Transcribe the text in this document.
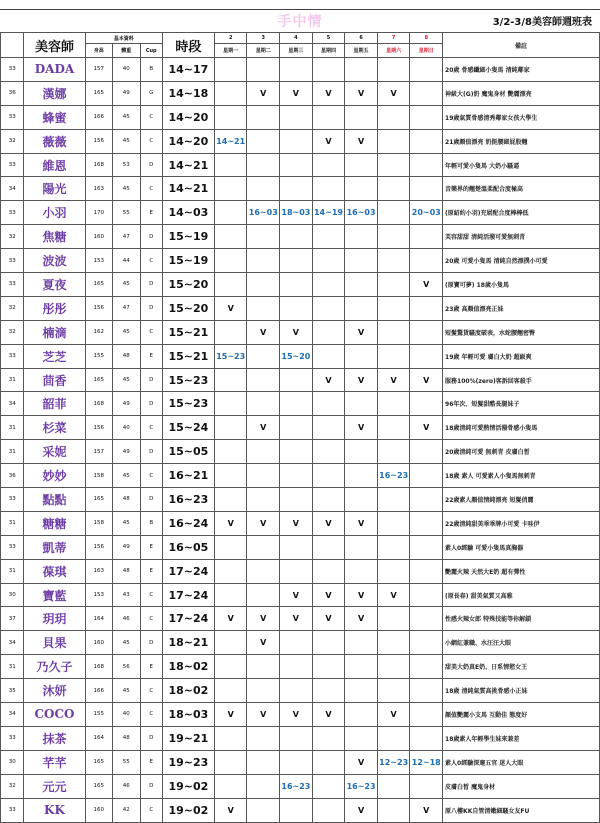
手中情	3/2-3/8美容師週班表
	美容師	基本資料			時段	2	3	4	5	6	7	8	備註
		身高	體重	Cup		星期一	星期二	星期三	星期四	星期五	星期六	星期日	
33	DADA	157	40	B	14~17								20歲 骨感纖細小隻馬 清純鄰家
36	漢娜	165	49	G	14~18		V	V	V	V	V		神級大(G)奶 魔鬼身材 艷麗漂亮
33	蜂蜜	166	45	C	14~20								19歲氣質骨感清秀鄰家女孩大學生
32	薇薇	156	45	C	14~20	14~21			V	V			21歲顏值漂亮 奶挺腰細屁股翹
33	維恩	168	53	D	14~21								年輕可愛小隻馬 大奶小騷逼
34	陽光	163	45	C	14~21								音樂界的翹楚溫柔配合度極高
33	小羽	170	55	E	14~03		16~03	18~03	14~19	16~03		20~03	(原紹約小羽)充屌配合度棒棒低
32	焦糖	160	47	D	15~19								芙容甜甜 清純活潑可愛無刺青
33	波波	153	44	C	15~19								20歲 可愛小隻馬 清純自然漂撲小可愛
33	夏夜	165	45	D	15~20							V	(原寶可夢) 18歲小隻馬
32	彤彤	156	47	D	15~20	V							23歲 高顏值漂亮正妹
32	楠滴	162	45	C	15~21		V	V		V			短髮驚貨騷度破表，水蛇腰翹密臀
33	芝芝	155	48	E	15~21	15~23		15~20					19歲 年輕可愛 膚白大奶 超級爽
31	茴香	165	45	D	15~23				V	V	V	V	服務100%(zero)客訴回客殺手
34	韶菲	168	49	D	15~23								96年次、短髮甜酷長腿妹子
31	杉菜	156	40	C	15~24		V			V		V	18歲清純可愛熱情活潑骨感小隻馬
31	采妮	157	49	D	15~05								20歲清純可愛 無刺青 皮膚白皙
36	妙妙	158	45	C	16~21						16~23		18歲 素人 可愛素人小隻馬無刺青
33	點點	165	48	D	16~23								22歲素人顏值情純漂亮 短髮俏麗
31	糖糖	158	45	B	16~24	V	V	V	V	V			22歲清純甜美乖乖牌小可愛 卡哇伊
33	凱蒂	156	49	E	16~05								素人0經驗 可愛小隻馬真胸器
31	葆琪	163	48	E	17~24								艷麗火辣 天然大E奶 超有彈性
30	寶藍	153	43	C	17~24			V	V	V	V		(原長春) 甜美氣質又高雅
37	玥玥	164	46	C	17~24	V	V	V	V	V			性感火辣女郎 特殊技能等你解鎖
34	貝果	160	45	D	18~21		V						小網紅兼職、水汪汪大眼
31	乃久子	168	56	E	18~02								甜美大奶真E奶、日系情慾女王
35	沐妍	166	45	C	18~02								18歲 清純氣質高挑骨感小正妹
34	COCO	155	40	C	18~03	V	V	V	V		V		顏值艷麗小支馬 互動佳 態度好
33	抹茶	164	48	D	19~21								18歲素人年輕學生妹來兼差
30	芊芊	165	55	E	19~23					V	12~23	12~18	素人0經驗深邃五官 迷人大眼
32	元元	165	46	D	19~02			16~23		16~23			皮膚白皙 魔鬼身材
33	KK	160	42	C	19~02	V				V		V	原八樓KK自管清嫩細騷女友FU
